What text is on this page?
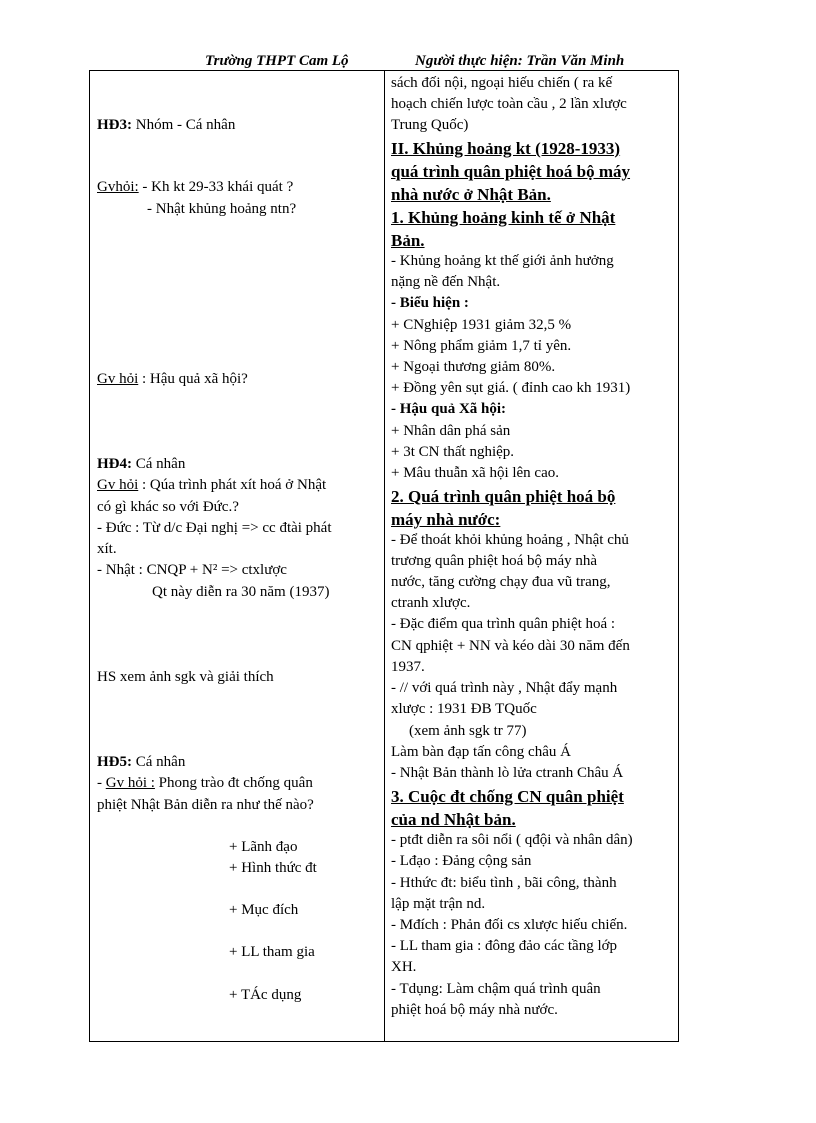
Trường THPT Cam Lộ	Người thực hiện: Trần Văn Minh
HĐ3: Nhóm - Cá nhân
Gvhỏi: - Kh kt 29-33 khái quát ?
- Nhật khủng hoảng ntn?
Gv hỏi : Hậu quả xã hội?
HĐ4: Cá nhân
Gv hỏi : Qúa trình phát xít hoá ở Nhật
có gì khác so với Đức.?
- Đức : Từ d/c Đại nghị => cc đtài phát
xít.
- Nhật : CNQP + N² => ctxlược
Qt này diễn ra 30 năm (1937)
HS xem ảnh sgk và giải thích
HĐ5: Cá nhân
- Gv hỏi : Phong trào đt chống quân
phiệt Nhật Bản diễn ra như thế nào?
+ Lãnh đạo
+ Hình thức đt
+ Mục đích
+ LL tham gia
+ TÁc dụng
sách đối nội, ngoại hiếu chiến ( ra kế
hoạch chiến lược toàn cầu , 2 lần xlược
Trung Quốc)
II. Khủng hoảng kt (1928-1933)
quá trình quân phiệt hoá bộ máy
nhà nước ở Nhật Bản.
1. Khủng hoảng kinh tế ở Nhật
Bản.
- Khủng hoảng kt thế giới ảnh hưởng
nặng nề đến Nhật.
- Biểu hiện :
+ CNghiệp 1931 giảm 32,5 %
+ Nông phẩm giảm 1,7 tỉ yên.
+ Ngoại thương giảm 80%.
+ Đồng yên sụt giá. ( đỉnh cao kh 1931)
- Hậu quả Xã hội:
+ Nhân dân phá sản
+ 3t CN thất nghiệp.
+ Mâu thuẫn xã hội lên cao.
2. Quá trình quân phiệt hoá bộ
máy nhà nước:
- Để thoát khỏi khủng hoảng , Nhật chủ
trương quân phiệt hoá bộ máy nhà
nước, tăng cường chạy đua vũ trang,
ctranh xlược.
- Đặc điểm qua trình quân phiệt hoá :
CN qphiệt + NN và kéo dài 30 năm đến
1937.
- // với quá trình này , Nhật đẩy mạnh
xlược : 1931 ĐB TQuốc
(xem ảnh sgk tr 77)
Làm bàn đạp tấn công châu Á
- Nhật Bản thành lò lửa ctranh Châu Á
3. Cuộc đt chống CN quân phiệt
của nd Nhật bản.
- ptđt diễn ra sôi nổi ( qđội và nhân dân)
- Lđạo : Đảng cộng sản
- Hthức đt: biểu tình , bãi công, thành
lập mặt trận nd.
- Mđích : Phản đối cs xlược hiếu chiến.
- LL tham gia : đông đảo các tầng lớp
XH.
- Tdụng: Làm chậm quá trình quân
phiệt hoá bộ máy nhà nước.
